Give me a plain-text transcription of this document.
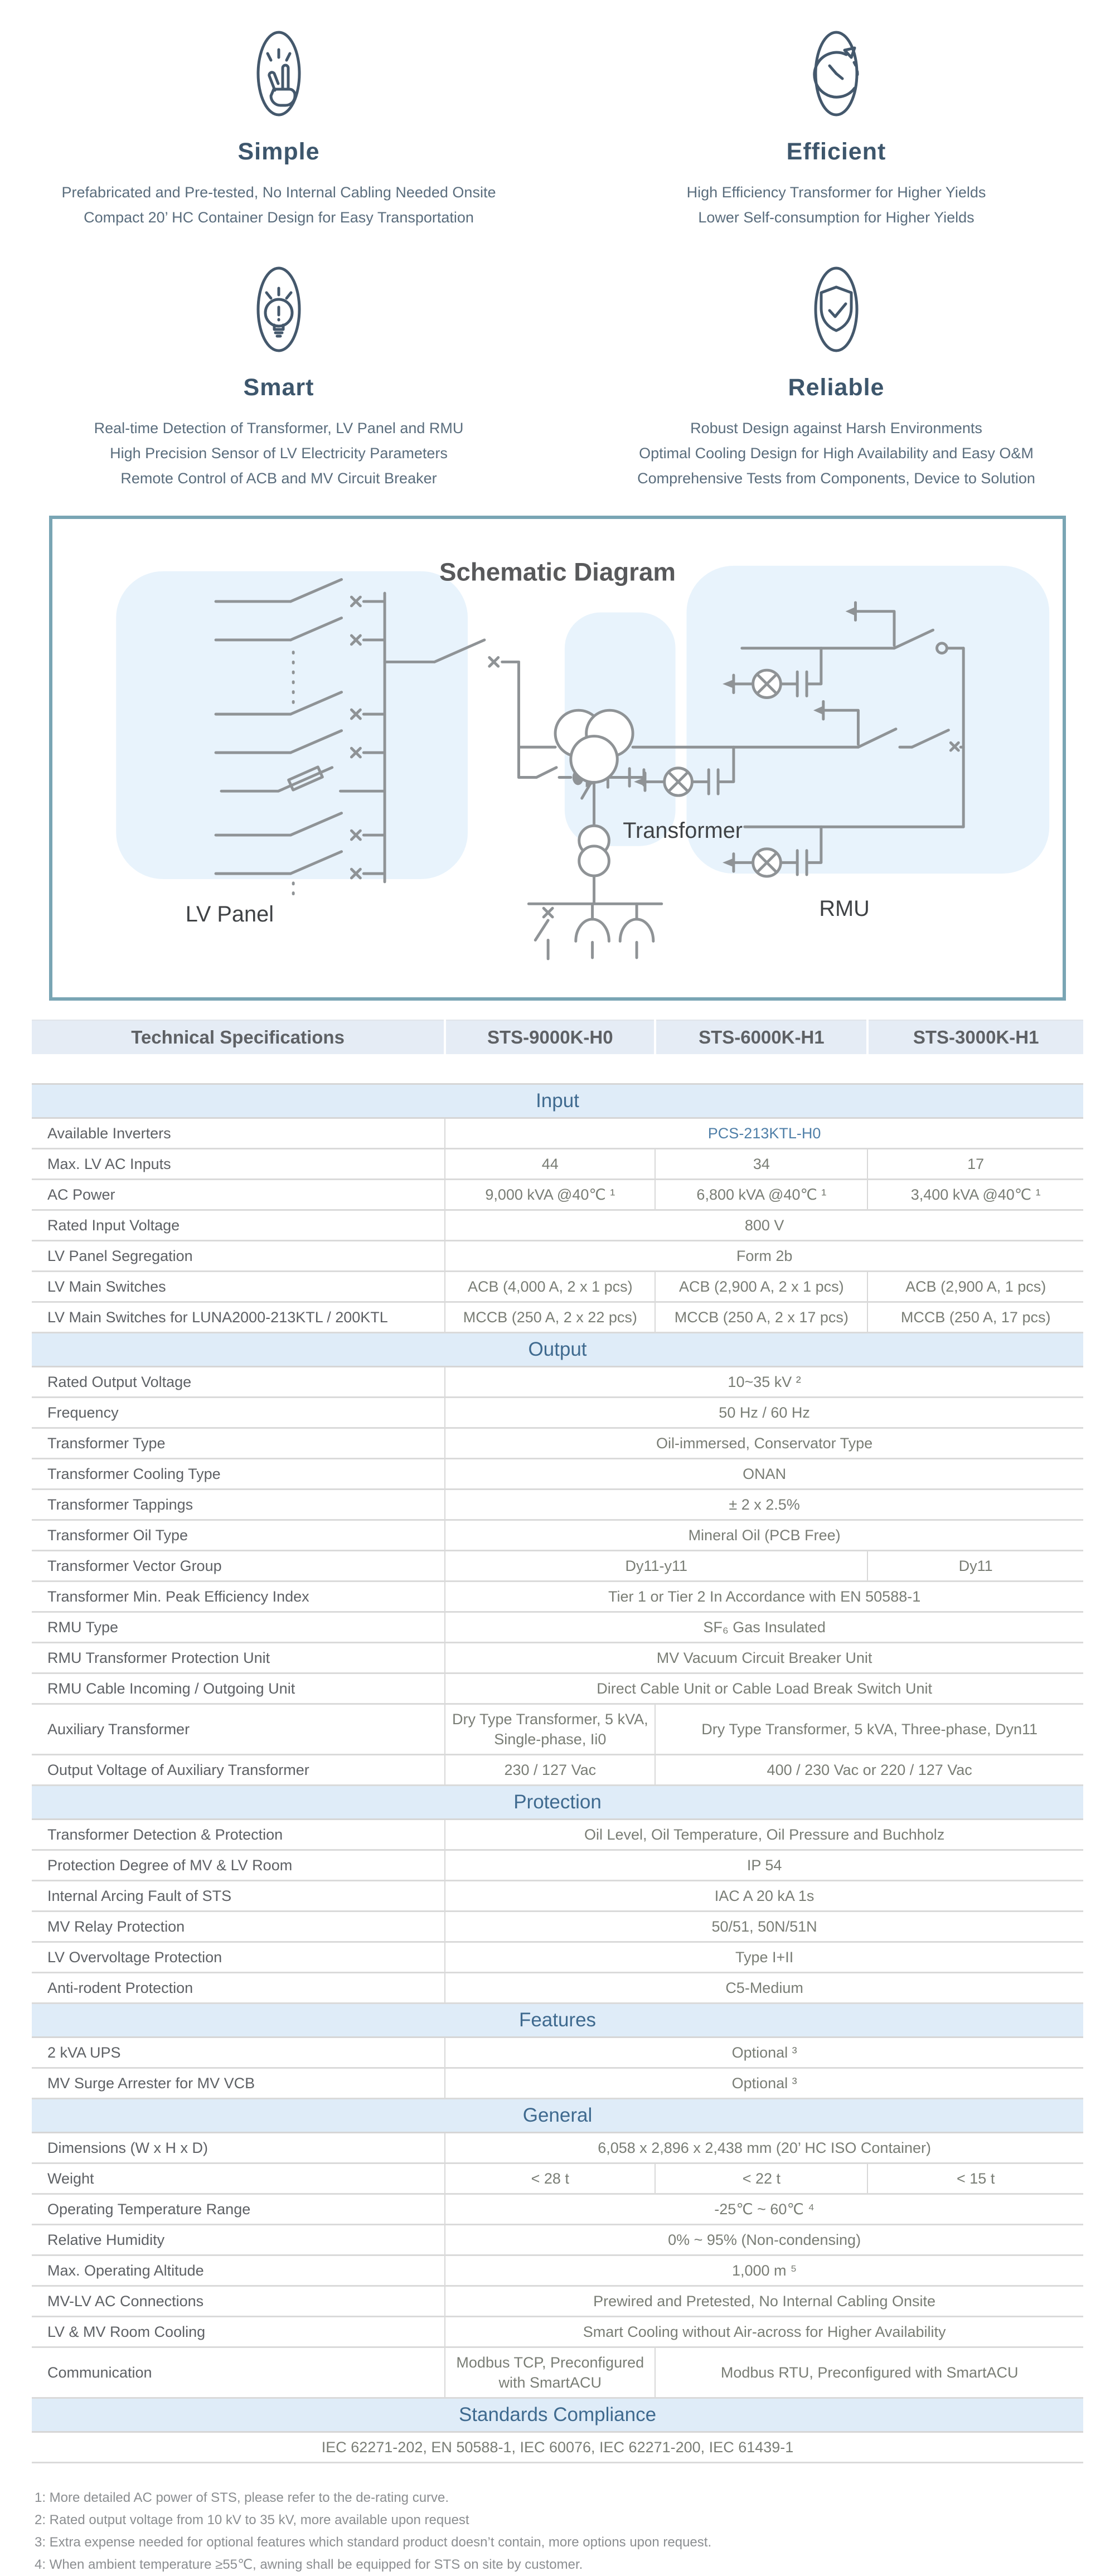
Simple
Prefabricated and Pre-tested, No Internal Cabling Needed Onsite
Compact 20’ HC Container Design for Easy Transportation
Efficient
High Efficiency Transformer for Higher Yields
Lower Self-consumption for Higher Yields
Smart
Real-time Detection of Transformer, LV Panel and RMU
High Precision Sensor of LV Electricity Parameters
Remote Control of ACB and MV Circuit Breaker
Reliable
Robust Design against Harsh Environments
Optimal Cooling Design for High Availability and Easy O&M
Comprehensive Tests from Components, Device to Solution
Schematic Diagram
LV Panel
Transformer
RMU
Technical Specifications	STS-9000K-H0	STS-6000K-H1	STS-3000K-H1
Input			
Available Inverters	PCS-213KTL-H0		
Max. LV AC Inputs	44	34	17
AC Power	9,000 kVA @40℃ ¹	6,800 kVA @40℃ ¹	3,400 kVA @40℃ ¹
Rated Input Voltage	800 V		
LV Panel Segregation	Form 2b		
LV Main Switches	ACB (4,000 A, 2 x 1 pcs)	ACB (2,900 A, 2 x 1 pcs)	ACB (2,900 A, 1 pcs)
LV Main Switches for LUNA2000-213KTL / 200KTL	MCCB (250 A, 2 x 22 pcs)	MCCB (250 A, 2 x 17 pcs)	MCCB (250 A, 17 pcs)
Output			
Rated Output Voltage	10~35 kV ²		
Frequency	50 Hz / 60 Hz		
Transformer Type	Oil-immersed, Conservator Type		
Transformer Cooling Type	ONAN		
Transformer Tappings	± 2 x 2.5%		
Transformer Oil Type	Mineral Oil (PCB Free)		
Transformer Vector Group	Dy11-y11		Dy11
Transformer Min. Peak Efficiency Index	Tier 1 or Tier 2 In Accordance with EN 50588-1		
RMU Type	SF₆ Gas Insulated		
RMU Transformer Protection Unit	MV Vacuum Circuit Breaker Unit		
RMU Cable Incoming / Outgoing Unit	Direct Cable Unit or Cable Load Break Switch Unit		
Auxiliary Transformer	Dry Type Transformer, 5 kVA, Single-phase, Ii0	Dry Type Transformer, 5 kVA, Three-phase, Dyn11	
Output Voltage of Auxiliary Transformer	230 / 127 Vac	400 / 230 Vac or 220 / 127 Vac	
Protection			
Transformer Detection & Protection	Oil Level, Oil Temperature, Oil Pressure and Buchholz		
Protection Degree of MV & LV Room	IP 54		
Internal Arcing Fault of STS	IAC A 20 kA 1s		
MV Relay Protection	50/51, 50N/51N		
LV Overvoltage Protection	Type I+II		
Anti-rodent Protection	C5-Medium		
Features			
2 kVA UPS	Optional ³		
MV Surge Arrester for MV VCB	Optional ³		
General			
Dimensions (W x H x D)	6,058 x 2,896 x 2,438 mm (20’ HC ISO Container)		
Weight	< 28 t	< 22 t	< 15 t
Operating Temperature Range	-25℃ ~ 60℃ ⁴		
Relative Humidity	0% ~ 95% (Non-condensing)		
Max. Operating Altitude	1,000 m ⁵		
MV-LV AC Connections	Prewired and Pretested, No Internal Cabling Onsite		
LV & MV Room Cooling	Smart Cooling without Air-across for Higher Availability		
Communication	Modbus TCP, Preconfigured with SmartACU	Modbus RTU, Preconfigured with SmartACU	
Standards Compliance			
IEC 62271-202, EN 50588-1, IEC 60076, IEC 62271-200, IEC 61439-1			
1: More detailed AC power of STS, please refer to the de-rating curve.
2: Rated output voltage from 10 kV to 35 kV, more available upon request
3: Extra expense needed for optional features which standard product doesn’t contain, more options upon request.
4: When ambient temperature ≥55℃, awning shall be equipped for STS on site by customer.
